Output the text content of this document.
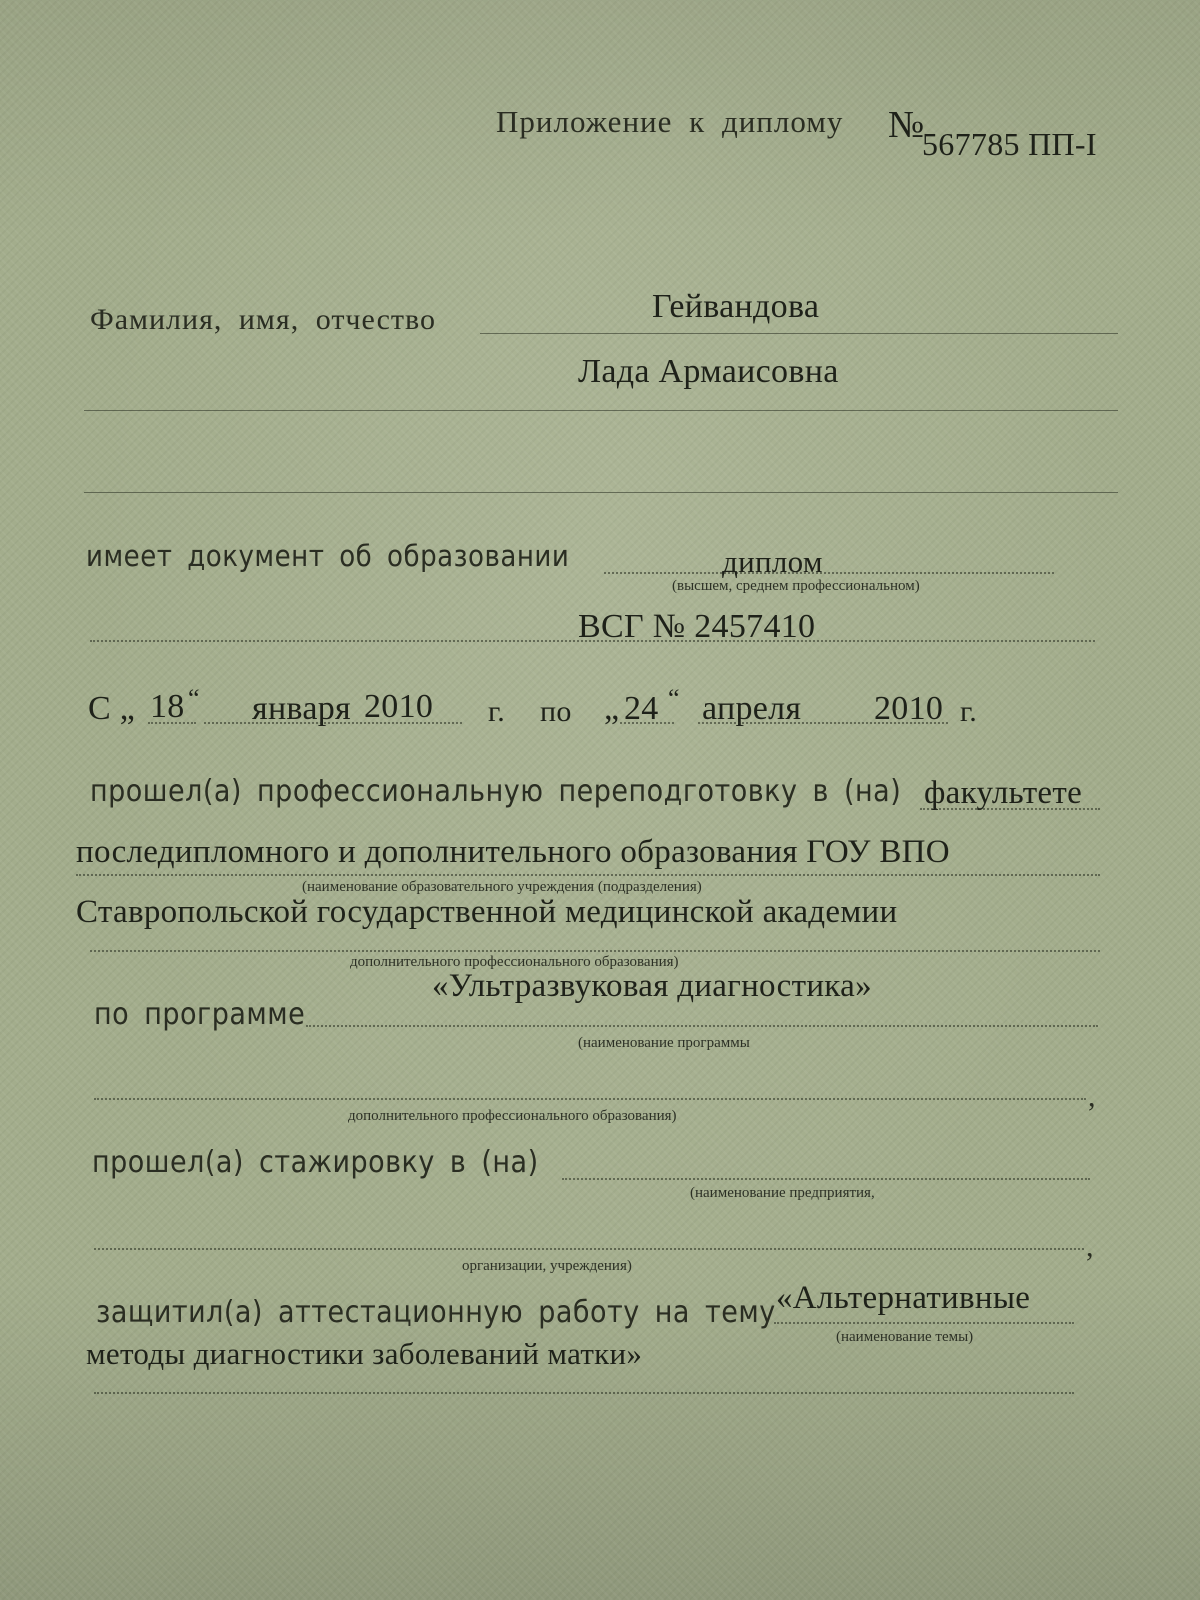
Приложение к диплому №
567785 ПП-I
Фамилия, имя, отчество	Гейвандова
Лада Армаисовна
имеет документ об образовании	диплом
(высшем, среднем профессиональном)
ВСГ № 2457410
С „ 18 “ января 2010 г. по „ 24 “ апреля 2010 г.
прошел(а) профессиональную переподготовку в (на) факультете
последипломного и дополнительного образования ГОУ ВПО
(наименование образовательного учреждения (подразделения)
Ставропольской государственной медицинской академии
дополнительного профессионального образования)
«Ультразвуковая диагностика»
по программе
(наименование программы
,
дополнительного профессионального образования)
прошел(а) стажировку в (на)
(наименование предприятия,
,
организации, учреждения)
защитил(а) аттестационную работу на тему «Альтернативные
(наименование темы)
методы диагностики заболеваний матки»
